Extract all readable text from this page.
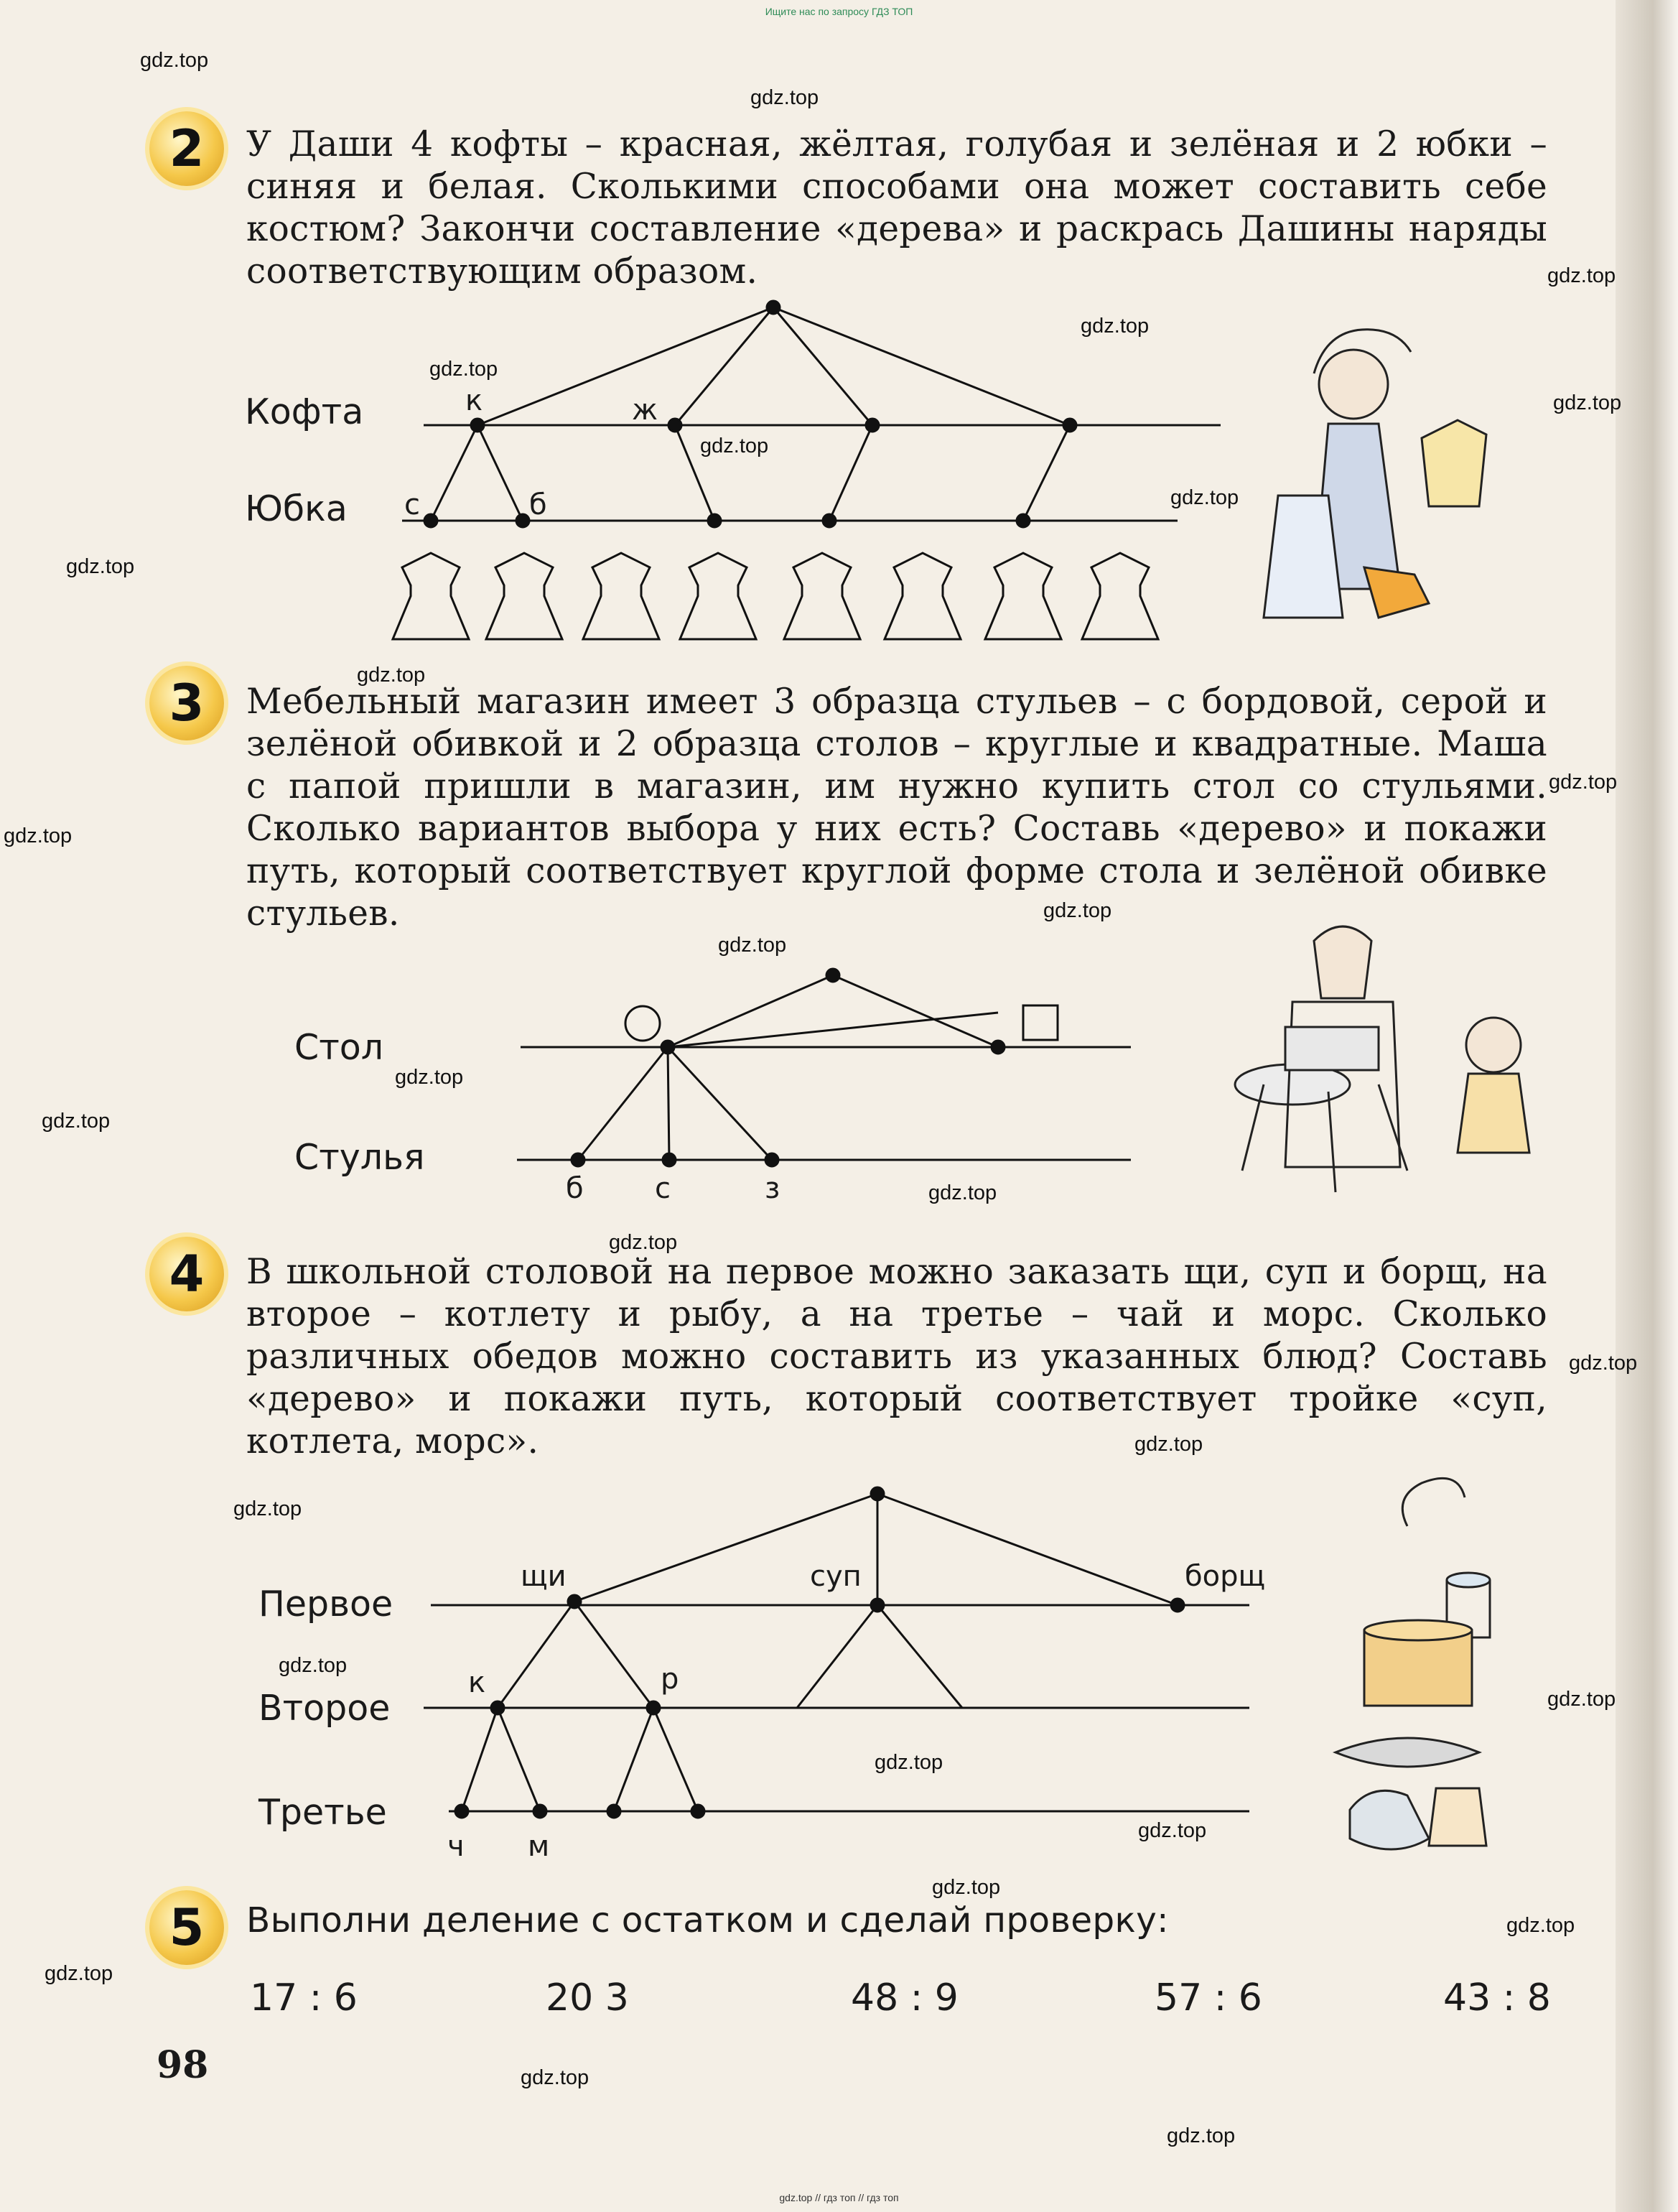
Ищите нас по запросу ГДЗ ТОП
gdz.top // гдз топ // гдз топ
gdz.top
gdz.top
gdz.top
gdz.top
gdz.top
gdz.top
gdz.top
gdz.top
gdz.top
gdz.top
gdz.top
gdz.top
gdz.top
gdz.top
gdz.top
gdz.top
gdz.top
gdz.top
gdz.top
gdz.top
gdz.top
gdz.top
gdz.top
gdz.top
gdz.top
gdz.top
gdz.top
gdz.top
gdz.top
gdz.top
2	У Даши 4 кофты – красная, жёлтая, голубая и зелёная и 2 юбки – синяя и белая. Сколькими способами она может составить себе костюм? Закончи составление «дерева» и раскрась Дашины наряды соответствующим образом.
Кофта
Юбка
к	ж
с	б
3	Мебельный магазин имеет 3 образца стульев – с бордовой, серой и зелёной обивкой и 2 образца столов – круглые и квадратные. Маша с папой пришли в магазин, им нужно купить стол со стульями. Сколько вариантов выбора у них есть? Составь «дерево» и покажи путь, который соответствует круглой форме стола и зелёной обивке стульев.
Стол
Стулья
б с	з
4	В школьной столовой на первое можно заказать щи, суп и борщ, на второе – котлету и рыбу, а на третье – чай и морс. Сколько различных обедов можно составить из указанных блюд? Составь «дерево» и покажи путь, который соответствует тройке «суп, котлета, морс».
Первое
Второе
Третье
щи	суп	борщ
к	р
ч м
5	Выполни деление с остатком и сделай проверку:
17 : 6	20 3	48 : 9	57 : 6	43 : 8
98
